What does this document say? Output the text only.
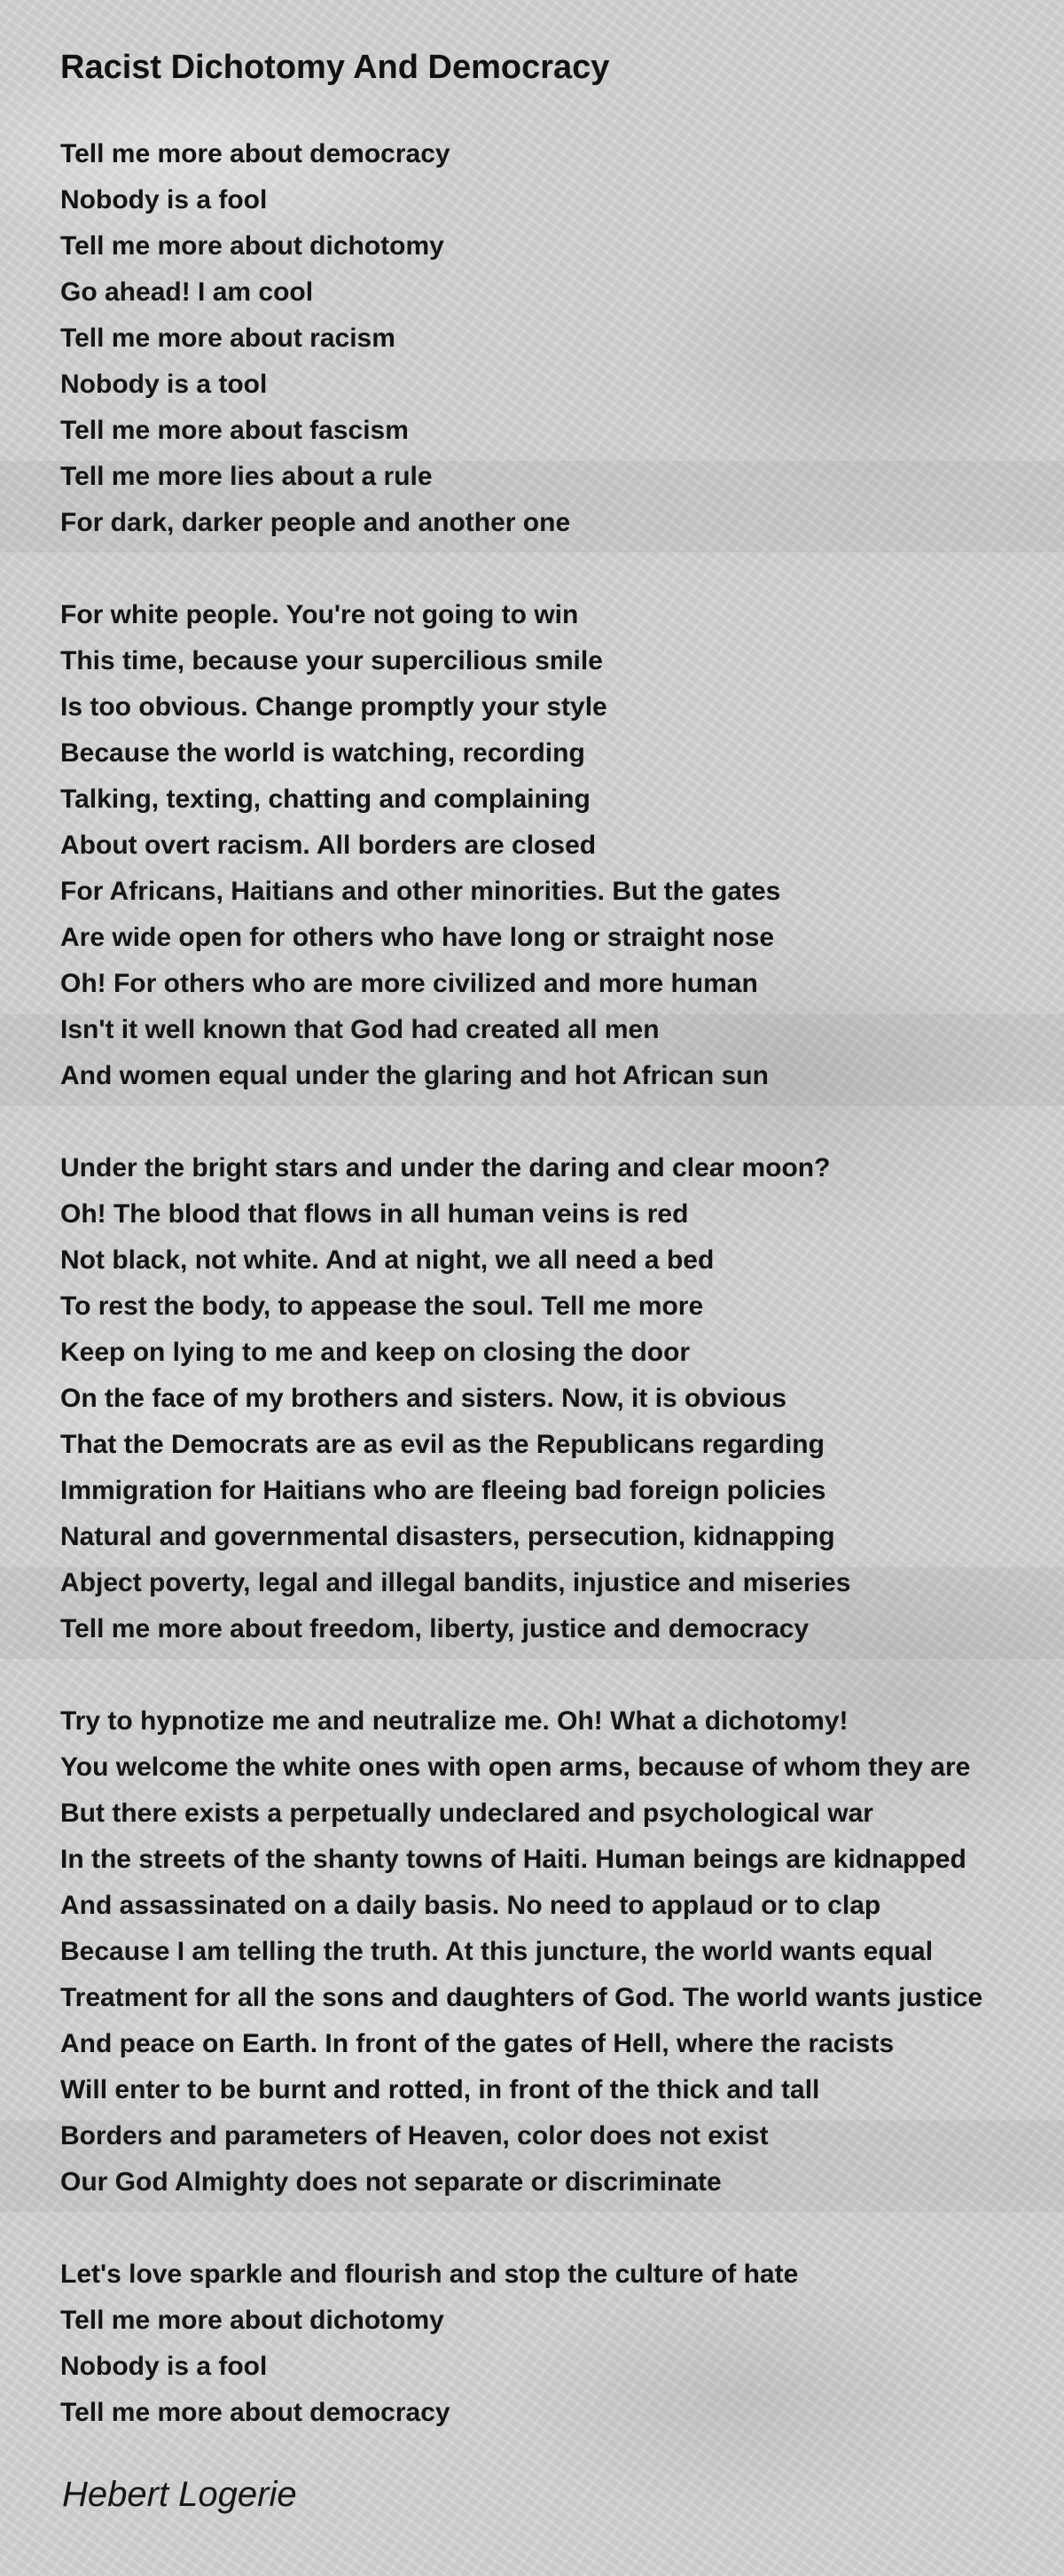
Racist Dichotomy And Democracy
Tell me more about democracy
Nobody is a fool
Tell me more about dichotomy
Go ahead! I am cool
Tell me more about racism
Nobody is a tool
Tell me more about fascism
Tell me more lies about a rule
For dark, darker people and another one
For white people. You're not going to win
This time, because your supercilious smile
Is too obvious. Change promptly your style
Because the world is watching, recording
Talking, texting, chatting and complaining
About overt racism. All borders are closed
For Africans, Haitians and other minorities. But the gates
Are wide open for others who have long or straight nose
Oh! For others who are more civilized and more human
Isn't it well known that God had created all men
And women equal under the glaring and hot African sun
Under the bright stars and under the daring and clear moon?
Oh! The blood that flows in all human veins is red
Not black, not white. And at night, we all need a bed
To rest the body, to appease the soul. Tell me more
Keep on lying to me and keep on closing the door
On the face of my brothers and sisters. Now, it is obvious
That the Democrats are as evil as the Republicans regarding
Immigration for Haitians who are fleeing bad foreign policies
Natural and governmental disasters, persecution, kidnapping
Abject poverty, legal and illegal bandits, injustice and miseries
Tell me more about freedom, liberty, justice and democracy
Try to hypnotize me and neutralize me. Oh! What a dichotomy!
You welcome the white ones with open arms, because of whom they are
But there exists a perpetually undeclared and psychological war
In the streets of the shanty towns of Haiti. Human beings are kidnapped
And assassinated on a daily basis. No need to applaud or to clap
Because I am telling the truth. At this juncture, the world wants equal
Treatment for all the sons and daughters of God. The world wants justice
And peace on Earth. In front of the gates of Hell, where the racists
Will enter to be burnt and rotted, in front of the thick and tall
Borders and parameters of Heaven, color does not exist
Our God Almighty does not separate or discriminate
Let's love sparkle and flourish and stop the culture of hate
Tell me more about dichotomy
Nobody is a fool
Tell me more about democracy
Hebert Logerie
